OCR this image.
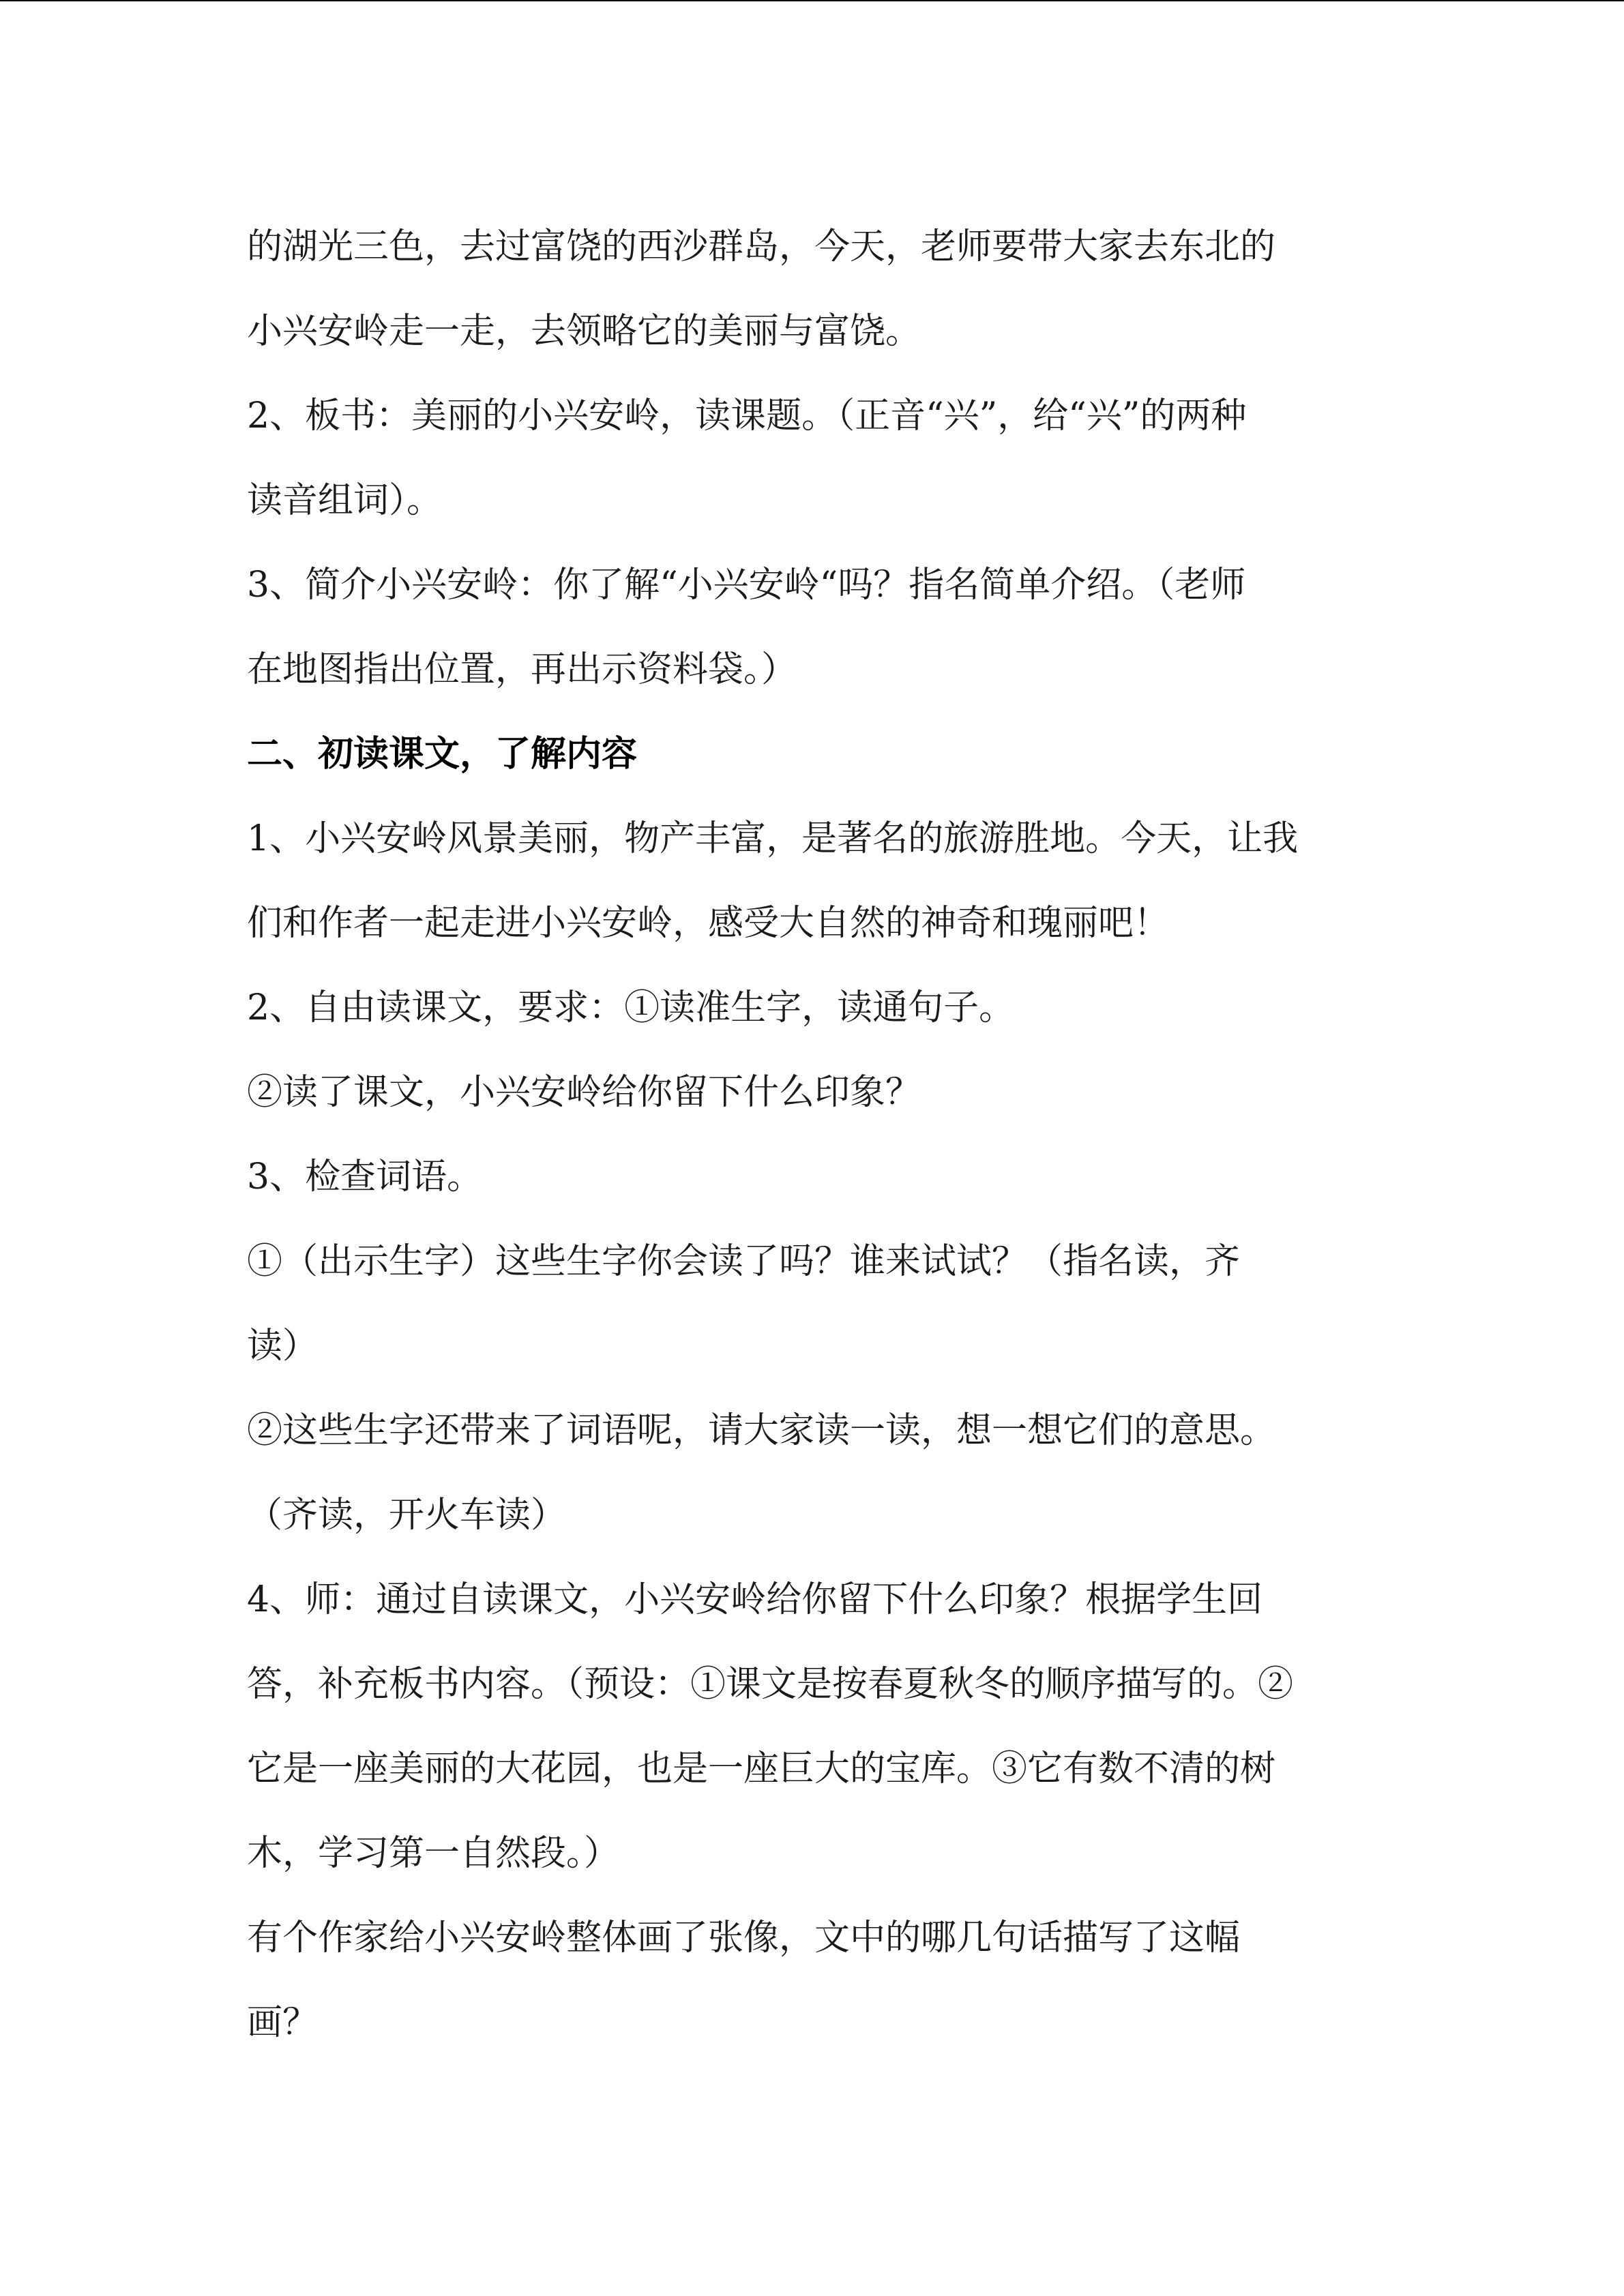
的湖光三色，去过富饶的西沙群岛，今天，老师要带大家去东北的
小兴安岭走一走，去领略它的美丽与富饶。
2、板书：美丽的小兴安岭，读课题。（正音“兴”，给“兴”的两种
读音组词）。
3、简介小兴安岭：你了解“小兴安岭“吗？指名简单介绍。（老师
在地图指出位置，再出示资料袋。）
二、初读课文，了解内容
1、小兴安岭风景美丽，物产丰富，是著名的旅游胜地。今天，让我
们和作者一起走进小兴安岭，感受大自然的神奇和瑰丽吧！
2、自由读课文，要求：①读准生字，读通句子。
②读了课文，小兴安岭给你留下什么印象？
3、检查词语。
①（出示生字）这些生字你会读了吗？谁来试试？（指名读，齐
读）
②这些生字还带来了词语呢，请大家读一读，想一想它们的意思。
（齐读，开火车读）
4、师：通过自读课文，小兴安岭给你留下什么印象？根据学生回
答，补充板书内容。（预设：①课文是按春夏秋冬的顺序描写的。②
它是一座美丽的大花园，也是一座巨大的宝库。③它有数不清的树
木，学习第一自然段。）
有个作家给小兴安岭整体画了张像，文中的哪几句话描写了这幅
画？
